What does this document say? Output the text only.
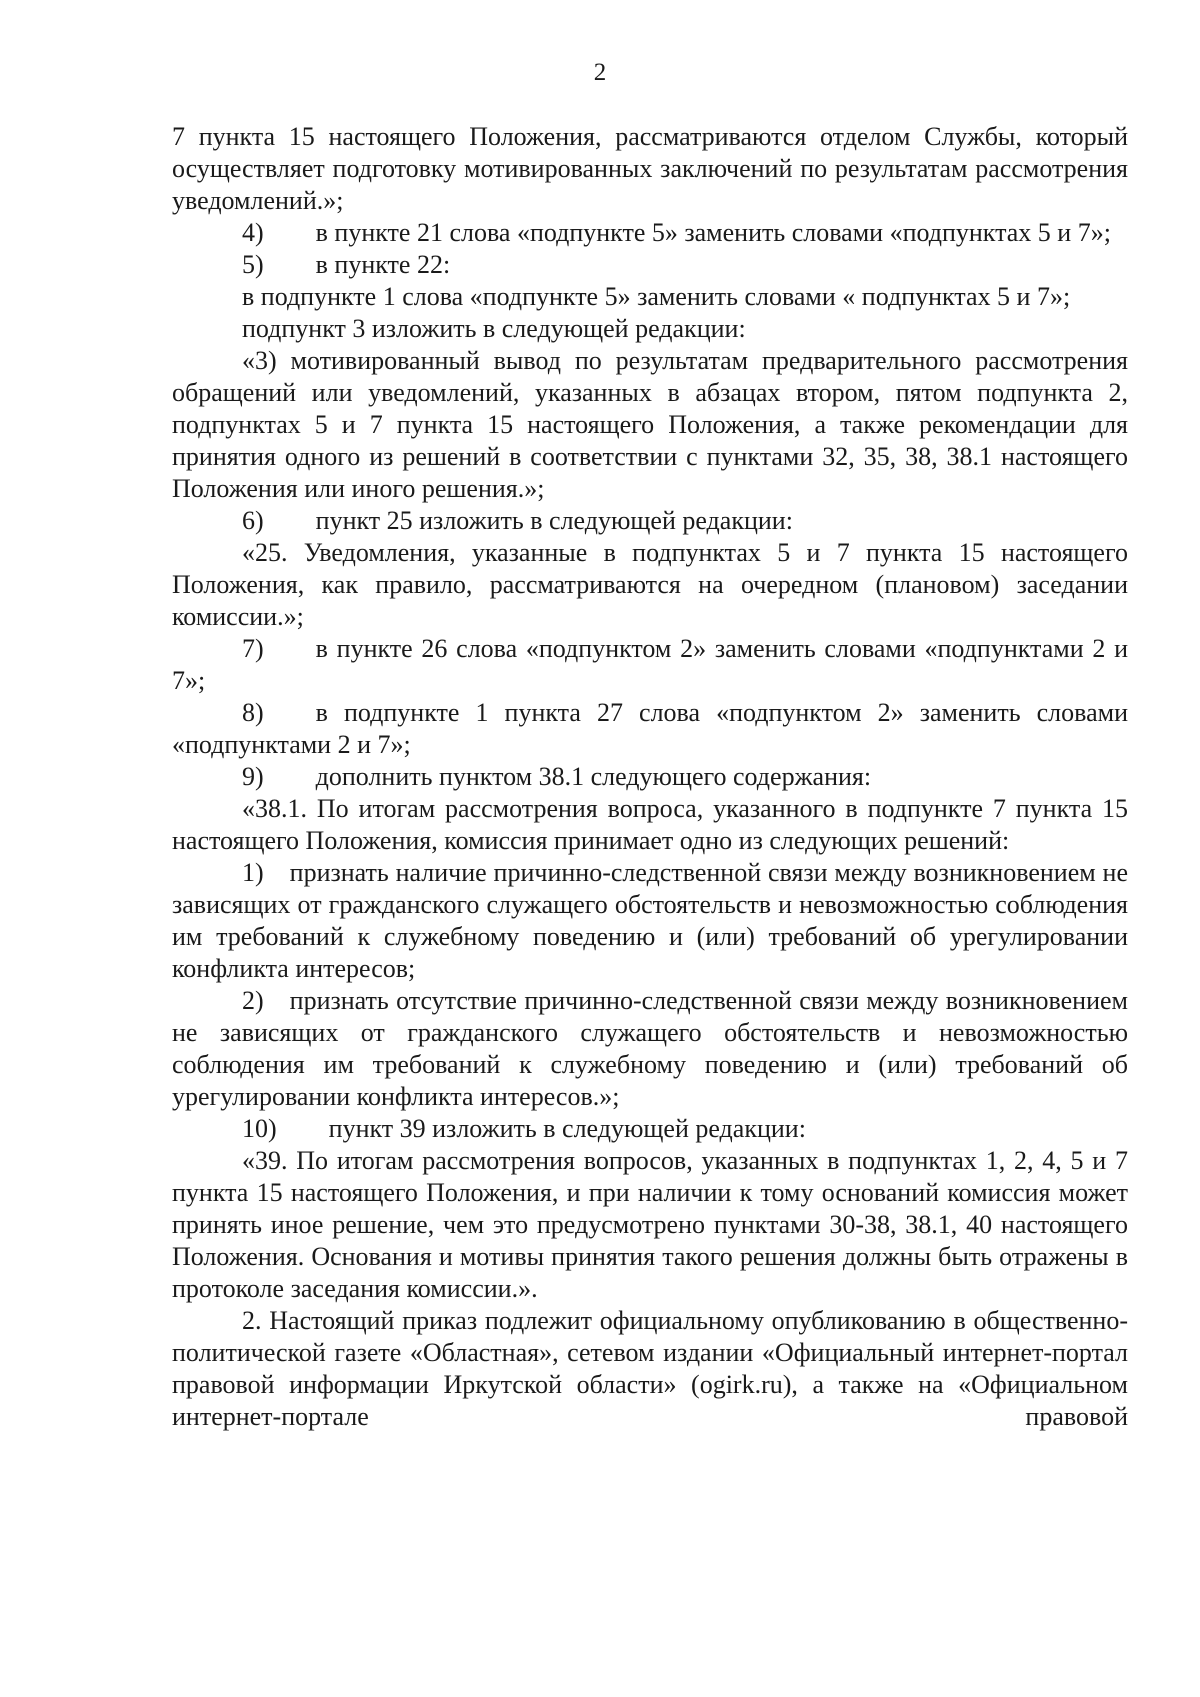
2

7 пункта 15 настоящего Положения, рассматриваются отделом Службы, который осуществляет подготовку мотивированных заключений по результатам рассмотрения уведомлений.»;

4)  в пункте 21 слова «подпункте 5» заменить словами «подпунктах 5 и 7»;

5)  в пункте 22:

в подпункте 1 слова «подпункте 5» заменить словами « подпунктах 5 и 7»;

подпункт 3 изложить в следующей редакции:

«3) мотивированный вывод по результатам предварительного рассмотрения обращений или уведомлений, указанных в абзацах втором, пятом подпункта 2, подпунктах 5 и 7 пункта 15 настоящего Положения, а также рекомендации для принятия одного из решений в соответствии с пунктами 32, 35, 38, 38.1 настоящего Положения или иного решения.»;

6)  пункт 25 изложить в следующей редакции:

«25. Уведомления, указанные в подпунктах 5 и 7 пункта 15 настоящего Положения, как правило, рассматриваются на очередном (плановом) заседании комиссии.»;

7)  в пункте 26 слова «подпунктом 2» заменить словами «подпунктами 2 и 7»;

8)  в подпункте 1 пункта 27 слова «подпунктом 2» заменить словами «подпунктами 2 и 7»;

9)  дополнить пунктом 38.1 следующего содержания:

«38.1. По итогам рассмотрения вопроса, указанного в подпункте 7 пункта 15 настоящего Положения, комиссия принимает одно из следующих решений:

1) признать наличие причинно-следственной связи между возникновением не зависящих от гражданского служащего обстоятельств и невозможностью соблюдения им требований к служебному поведению и (или) требований об урегулировании конфликта интересов;

2) признать отсутствие причинно-следственной связи между возникновением не зависящих от гражданского служащего обстоятельств и невозможностью соблюдения им требований к служебному поведению и (или) требований об урегулировании конфликта интересов.»;

10)  пункт 39 изложить в следующей редакции:

«39. По итогам рассмотрения вопросов, указанных в подпунктах 1, 2, 4, 5 и 7 пункта 15 настоящего Положения, и при наличии к тому оснований комиссия может принять иное решение, чем это предусмотрено пунктами 30-38, 38.1, 40 настоящего Положения. Основания и мотивы принятия такого решения должны быть отражены в протоколе заседания комиссии.».

2. Настоящий приказ подлежит официальному опубликованию в общественно-политической газете «Областная», сетевом издании «Официальный интернет-портал правовой информации Иркутской области» (ogirk.ru), а также на «Официальном интернет-портале правовой
